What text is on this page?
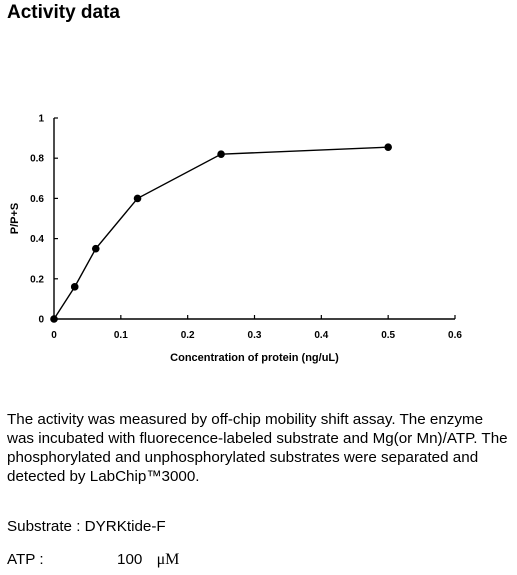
Activity data
0	0.1	0.2	0.3	0.4	0.5	0.6
0
0.2
0.4
0.6
0.8
1
Concentration of protein (ng/uL)
P/P+S

The activity was measured by off-chip mobility shift assay. The enzyme was incubated with fluorecence-labeled substrate and Mg(or Mn)/ATP. The phosphorylated and unphosphorylated substrates were separated and detected by LabChip™3000.

Substrate : DYRKtide-F
ATP :	100 μM
